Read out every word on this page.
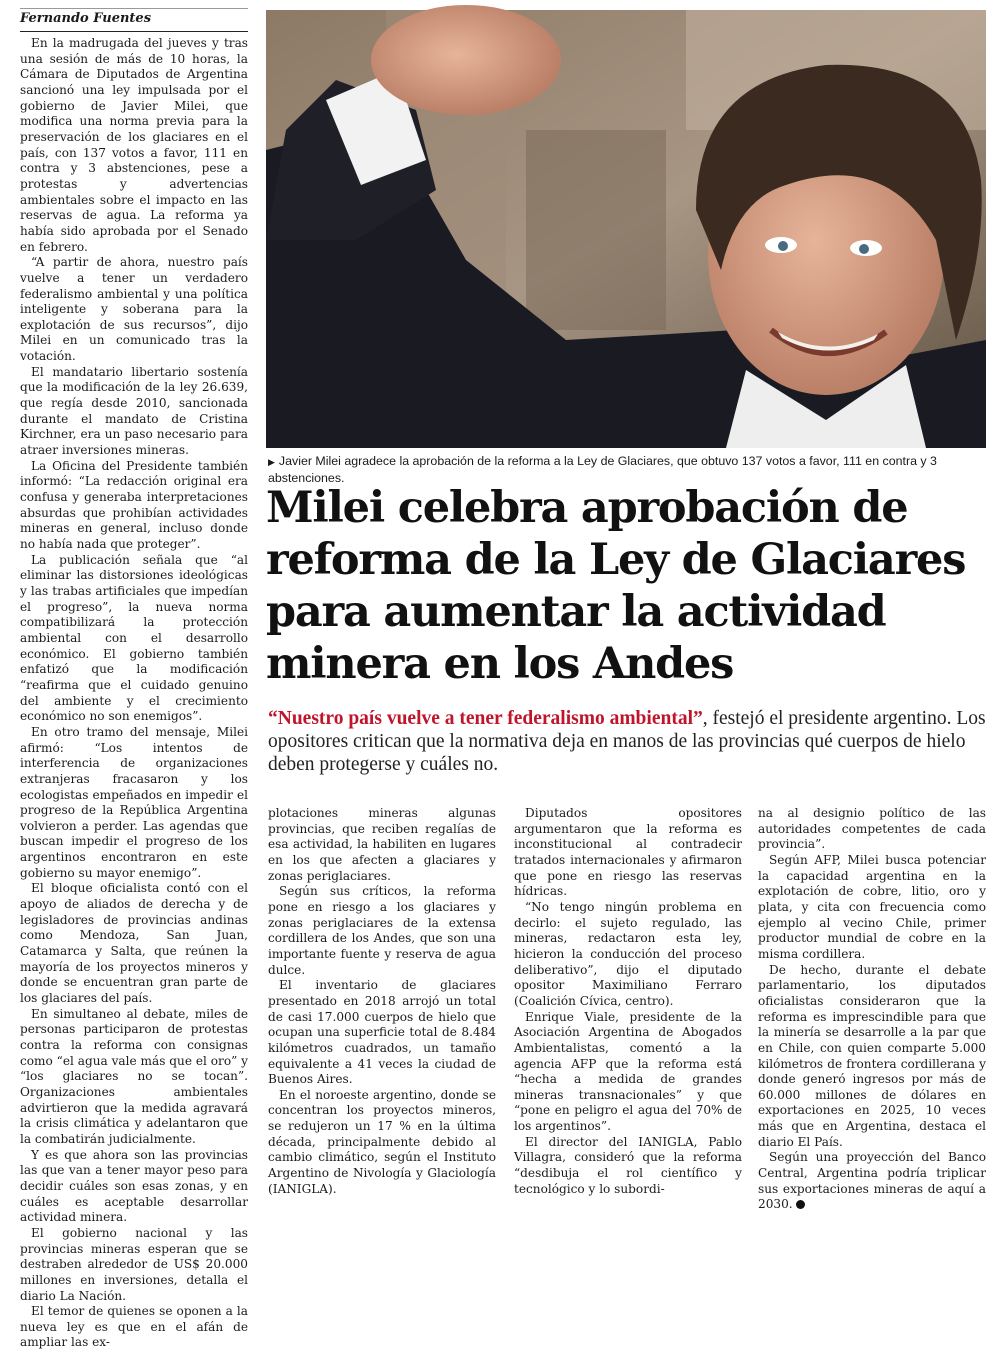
Fernando Fuentes

En la madrugada del jueves y tras una sesión de más de 10 horas, la Cámara de Diputados de Argentina sancionó una ley impulsada por el gobierno de Javier Milei, que modifica una norma previa para la preservación de los glaciares en el país, con 137 votos a favor, 111 en contra y 3 abstenciones, pese a protestas y advertencias ambientales sobre el impacto en las reservas de agua. La reforma ya había sido aprobada por el Senado en febrero.

“A partir de ahora, nuestro país vuelve a tener un verdadero federalismo ambiental y una política inteligente y soberana para la explotación de sus recursos”, dijo Milei en un comunicado tras la votación.

El mandatario libertario sostenía que la modificación de la ley 26.639, que regía desde 2010, sancionada durante el mandato de Cristina Kirchner, era un paso necesario para atraer inversiones mineras.

La Oficina del Presidente también informó: “La redacción original era confusa y generaba interpretaciones absurdas que prohibían actividades mineras en general, incluso donde no había nada que proteger”.

La publicación señala que “al eliminar las distorsiones ideológicas y las trabas artificiales que impedían el progreso”, la nueva norma compatibilizará la protección ambiental con el desarrollo económico. El gobierno también enfatizó que la modificación “reafirma que el cuidado genuino del ambiente y el crecimiento económico no son enemigos”.

En otro tramo del mensaje, Milei afirmó: “Los intentos de interferencia de organizaciones extranjeras fracasaron y los ecologistas empeñados en impedir el progreso de la República Argentina volvieron a perder. Las agendas que buscan impedir el progreso de los argentinos encontraron en este gobierno su mayor enemigo”.

El bloque oficialista contó con el apoyo de aliados de derecha y de legisladores de provincias andinas como Mendoza, San Juan, Catamarca y Salta, que reúnen la mayoría de los proyectos mineros y donde se encuentran gran parte de los glaciares del país.

En simultaneo al debate, miles de personas participaron de protestas contra la reforma con consignas como “el agua vale más que el oro” y “los glaciares no se tocan”. Organizaciones ambientales advirtieron que la medida agravará la crisis climática y adelantaron que la combatirán judicialmente.

Y es que ahora son las provincias las que van a tener mayor peso para decidir cuáles son esas zonas, y en cuáles es aceptable desarrollar actividad minera.

El gobierno nacional y las provincias mineras esperan que se destraben alrededor de US$ 20.000 millones en inversiones, detalla el diario La Nación.

El temor de quienes se oponen a la nueva ley es que en el afán de ampliar las ex-

▶ Javier Milei agradece la aprobación de la reforma a la Ley de Glaciares, que obtuvo 137 votos a favor, 111 en contra y 3 abstenciones.
Milei celebra aprobación de reforma de la Ley de Glaciares para aumentar la actividad minera en los Andes
“Nuestro país vuelve a tener federalismo ambiental”, festejó el presidente argentino. Los opositores critican que la normativa deja en manos de las provincias qué cuerpos de hielo deben protegerse y cuáles no.

plotaciones mineras algunas provincias, que reciben regalías de esa actividad, la habiliten en lugares en los que afecten a glaciares y zonas periglaciares.

Según sus críticos, la reforma pone en riesgo a los glaciares y zonas periglaciares de la extensa cordillera de los Andes, que son una importante fuente y reserva de agua dulce.

El inventario de glaciares presentado en 2018 arrojó un total de casi 17.000 cuerpos de hielo que ocupan una superficie total de 8.484 kilómetros cuadrados, un tamaño equivalente a 41 veces la ciudad de Buenos Aires.

En el noroeste argentino, donde se concentran los proyectos mineros, se redujeron un 17 % en la última década, principalmente debido al cambio climático, según el Instituto Argentino de Nivología y Glaciología (IANIGLA).

Diputados opositores argumentaron que la reforma es inconstitucional al contradecir tratados internacionales y afirmaron que pone en riesgo las reservas hídricas.

“No tengo ningún problema en decirlo: el sujeto regulado, las mineras, redactaron esta ley, hicieron la conducción del proceso deliberativo”, dijo el diputado opositor Maximiliano Ferraro (Coalición Cívica, centro).

Enrique Viale, presidente de la Asociación Argentina de Abogados Ambientalistas, comentó a la agencia AFP que la reforma está “hecha a medida de grandes mineras transnacionales” y que “pone en peligro el agua del 70% de los argentinos”.

El director del IANIGLA, Pablo Villagra, consideró que la reforma “desdibuja el rol científico y tecnológico y lo subordi-

na al designio político de las autoridades competentes de cada provincia”.

Según AFP, Milei busca potenciar la capacidad argentina en la explotación de cobre, litio, oro y plata, y cita con frecuencia como ejemplo al vecino Chile, primer productor mundial de cobre en la misma cordillera.

De hecho, durante el debate parlamentario, los diputados oficialistas consideraron que la reforma es imprescindible para que la minería se desarrolle a la par que en Chile, con quien comparte 5.000 kilómetros de frontera cordillerana y donde generó ingresos por más de 60.000 millones de dólares en exportaciones en 2025, 10 veces más que en Argentina, destaca el diario El País.

Según una proyección del Banco Central, Argentina podría triplicar sus exportaciones mineras de aquí a 2030.
